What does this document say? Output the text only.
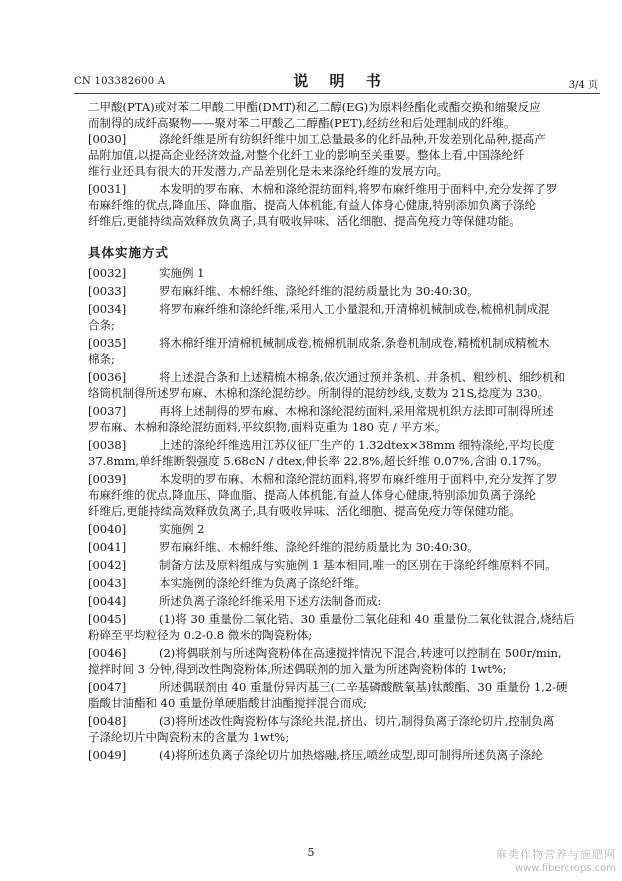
CN 103382600 A	说 明 书	3/4 页
二甲酸(PTA)或对苯二甲酸二甲酯(DMT)和乙二醇(EG)为原料经酯化或酯交换和缩聚反应
而制得的成纤高聚物——聚对苯二甲酸乙二醇酯(PET),经纺丝和后处理制成的纤维。
[0030]	涤纶纤维是所有纺织纤维中加工总量最多的化纤品种,开发差别化品种,提高产
品附加值,以提高企业经济效益,对整个化纤工业的影响至关重要。整体上看,中国涤纶纤
维行业还具有很大的开发潜力,产品差别化是未来涤纶纤维的发展方向。
[0031]	本发明的罗布麻、木棉和涤纶混纺面料,将罗布麻纤维用于面料中,充分发挥了罗
布麻纤维的优点,降血压、降血脂、提高人体机能,有益人体身心健康,特别添加负离子涤纶
纤维后,更能持续高效释放负离子,具有吸收异味、活化细胞、提高免疫力等保健功能。
具体实施方式
[0032]	实施例 1
[0033]	罗布麻纤维、木棉纤维、涤纶纤维的混纺质量比为 30:40:30。
[0034]	将罗布麻纤维和涤纶纤维,采用人工小量混和,开清棉机械制成卷,梳棉机制成混
合条;
[0035]	将木棉纤维开清棉机械制成卷,梳棉机制成条,条卷机制成卷,精梳机制成精梳木
棉条;
[0036]	将上述混合条和上述精梳木棉条,依次通过预并条机、并条机、粗纱机、细纱机和
络筒机制得所述罗布麻、木棉和涤纶混纺纱。所制得的混纺纱线,支数为 21S,捻度为 330。
[0037]	再将上述制得的罗布麻、木棉和涤纶混纺面料,采用常规机织方法即可制得所述
罗布麻、木棉和涤纶混纺面料,平纹织物,面料克重为 180 克 / 平方米。
[0038]	上述的涤纶纤维选用江苏仪征厂生产的 1.32dtex×38mm 细特涤纶,平均长度
37.8mm,单纤维断裂强度 5.68cN / dtex,伸长率 22.8%,超长纤维 0.07%,含油 0.17%。
[0039]	本发明的罗布麻、木棉和涤纶混纺面料,将罗布麻纤维用于面料中,充分发挥了罗
布麻纤维的优点,降血压、降血脂、提高人体机能,有益人体身心健康,特别添加负离子涤纶
纤维后,更能持续高效释放负离子,具有吸收异味、活化细胞、提高免疫力等保健功能。
[0040]	实施例 2
[0041]	罗布麻纤维、木棉纤维、涤纶纤维的混纺质量比为 30:40:30。
[0042]	制备方法及原料组成与实施例 1 基本相同,唯一的区别在于涤纶纤维原料不同。
[0043]	本实施例的涤纶纤维为负离子涤纶纤维。
[0044]	所述负离子涤纶纤维采用下述方法制备而成:
[0045]	(1)将 30 重量份二氧化锆、30 重量份二氧化硅和 40 重量份二氧化钛混合,烧结后
粉碎至平均粒径为 0.2-0.8 微米的陶瓷粉体;
[0046]	(2)将偶联剂与所述陶瓷粉体在高速搅拌情况下混合,转速可以控制在 500r/min,
搅拌时间 3 分钟,得到改性陶瓷粉体,所述偶联剂的加入量为所述陶瓷粉体的 1wt%;
[0047]	所述偶联剂由 40 重量份异丙基三(二辛基磷酸酰氧基)钛酸酯、30 重量份 1,2-硬
脂酸甘油酯和 40 重量份单硬脂酸甘油酯搅拌混合而成;
[0048]	(3)将所述改性陶瓷粉体与涤纶共混,挤出、切片,制得负离子涤纶切片,控制负离
子涤纶切片中陶瓷粉末的含量为 1wt%;
[0049]	(4)将所述负离子涤纶切片加热熔融,挤压,喷丝成型,即可制得所述负离子涤纶
5	麻类作物营养与施肥网
www.fibercrops.com
